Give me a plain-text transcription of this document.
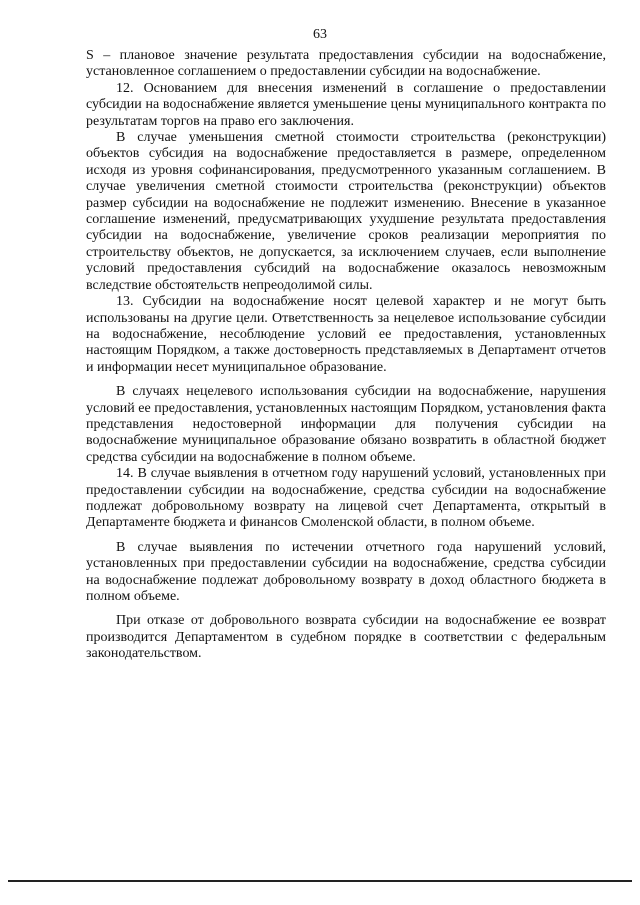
63

S – плановое значение результата предоставления субсидии на водоснабжение, установленное соглашением о предоставлении субсидии на водоснабжение.

12. Основанием для внесения изменений в соглашение о предоставлении субсидии на водоснабжение является уменьшение цены муниципального контракта по результатам торгов на право его заключения.

В случае уменьшения сметной стоимости строительства (реконструкции) объектов субсидия на водоснабжение предоставляется в размере, определенном исходя из уровня софинансирования, предусмотренного указанным соглашением. В случае увеличения сметной стоимости строительства (реконструкции) объектов размер субсидии на водоснабжение не подлежит изменению. Внесение в указанное соглашение изменений, предусматривающих ухудшение результата предоставления субсидии на водоснабжение, увеличение сроков реализации мероприятия по строительству объектов, не допускается, за исключением случаев, если выполнение условий предоставления субсидий на водоснабжение оказалось невозможным вследствие обстоятельств непреодолимой силы.

13. Субсидии на водоснабжение носят целевой характер и не могут быть использованы на другие цели. Ответственность за нецелевое использование субсидии на водоснабжение, несоблюдение условий ее предоставления, установленных настоящим Порядком, а также достоверность представляемых в Департамент отчетов и информации несет муниципальное образование.

В случаях нецелевого использования субсидии на водоснабжение, нарушения условий ее предоставления, установленных настоящим Порядком, установления факта представления недостоверной информации для получения субсидии на водоснабжение муниципальное образование обязано возвратить в областной бюджет средства субсидии на водоснабжение в полном объеме.

14. В случае выявления в отчетном году нарушений условий, установленных при предоставлении субсидии на водоснабжение, средства субсидии на водоснабжение подлежат добровольному возврату на лицевой счет Департамента, открытый в Департаменте бюджета и финансов Смоленской области, в полном объеме.

В случае выявления по истечении отчетного года нарушений условий, установленных при предоставлении субсидии на водоснабжение, средства субсидии на водоснабжение подлежат добровольному возврату в доход областного бюджета в полном объеме.

При отказе от добровольного возврата субсидии на водоснабжение ее возврат производится Департаментом в судебном порядке в соответствии с федеральным законодательством.
